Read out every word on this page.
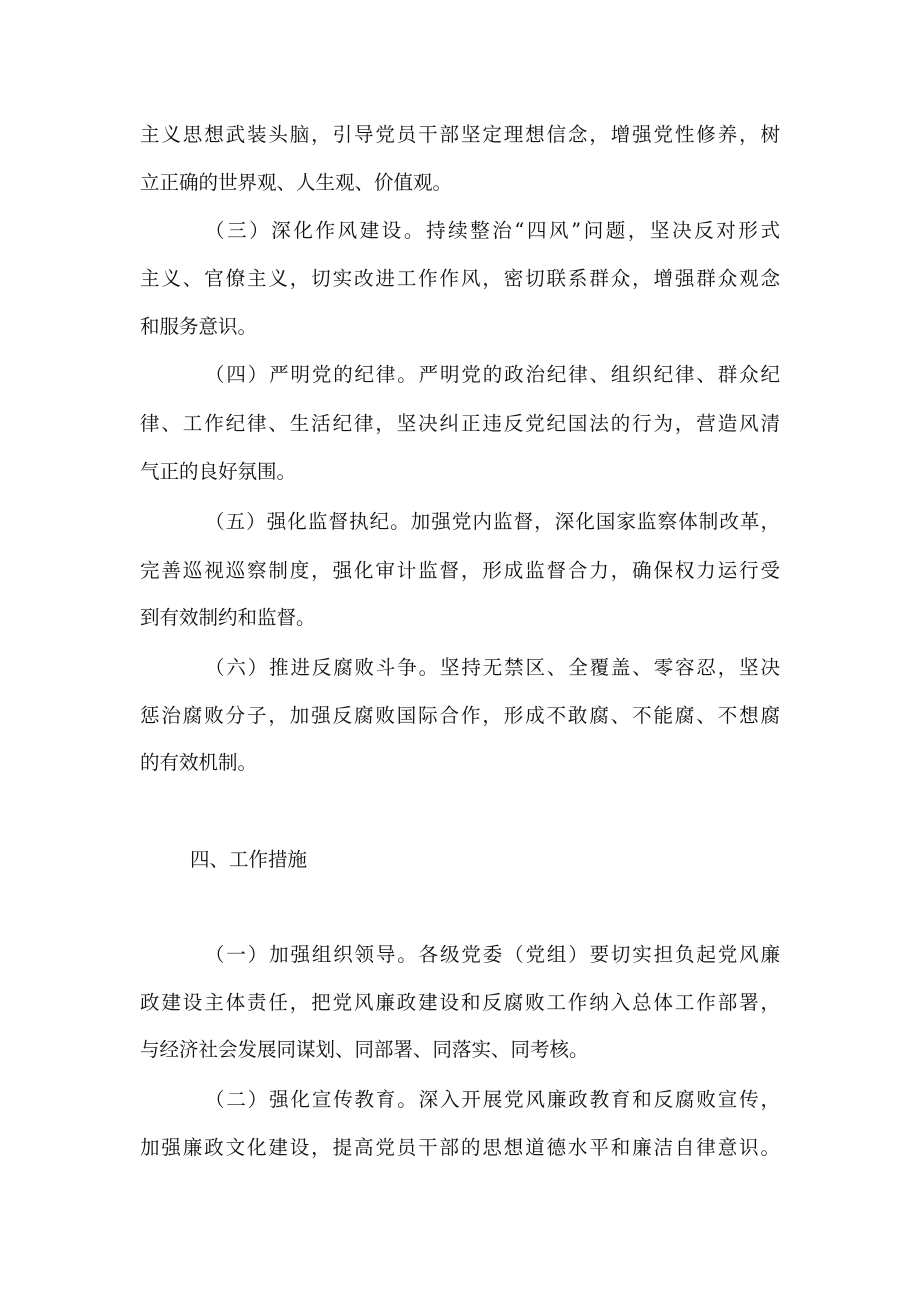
主义思想武装头脑，引导党员干部坚定理想信念，增强党性修养，树
立正确的世界观、人生观、价值观。
（三）深化作风建设。持续整治“四风”问题，坚决反对形式
主义、官僚主义，切实改进工作作风，密切联系群众，增强群众观念
和服务意识。
（四）严明党的纪律。严明党的政治纪律、组织纪律、群众纪
律、工作纪律、生活纪律，坚决纠正违反党纪国法的行为，营造风清
气正的良好氛围。
（五）强化监督执纪。加强党内监督，深化国家监察体制改革，
完善巡视巡察制度，强化审计监督，形成监督合力，确保权力运行受
到有效制约和监督。
（六）推进反腐败斗争。坚持无禁区、全覆盖、零容忍，坚决
惩治腐败分子，加强反腐败国际合作，形成不敢腐、不能腐、不想腐
的有效机制。
四、工作措施
（一）加强组织领导。各级党委（党组）要切实担负起党风廉
政建设主体责任，把党风廉政建设和反腐败工作纳入总体工作部署，
与经济社会发展同谋划、同部署、同落实、同考核。
（二）强化宣传教育。深入开展党风廉政教育和反腐败宣传，
加强廉政文化建设，提高党员干部的思想道德水平和廉洁自律意识。
